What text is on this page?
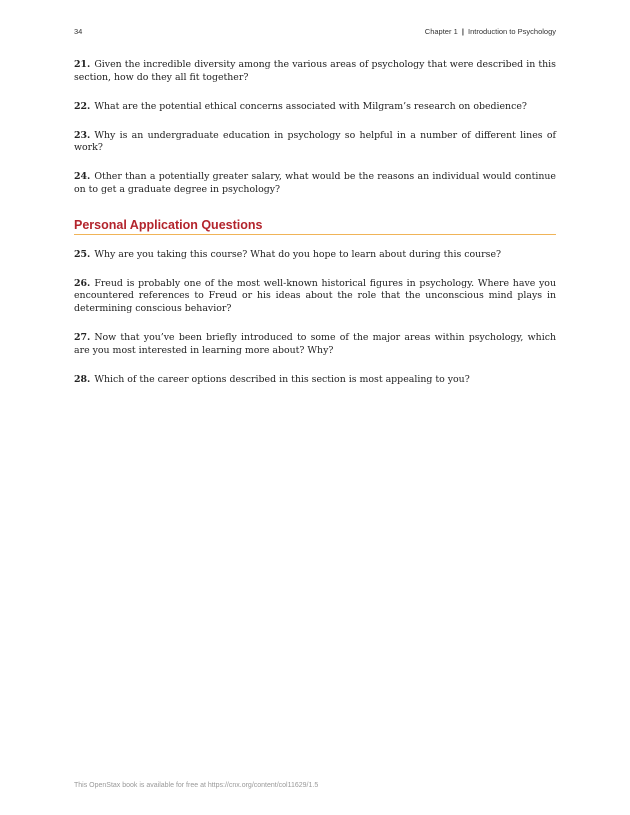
34	Chapter 1 | Introduction to Psychology

21. Given the incredible diversity among the various areas of psychology that were described in this section, how do they all fit together?

22. What are the potential ethical concerns associated with Milgram’s research on obedience?

23. Why is an undergraduate education in psychology so helpful in a number of different lines of work?

24. Other than a potentially greater salary, what would be the reasons an individual would continue on to get a graduate degree in psychology?

Personal Application Questions

25. Why are you taking this course? What do you hope to learn about during this course?

26. Freud is probably one of the most well-known historical figures in psychology. Where have you encountered references to Freud or his ideas about the role that the unconscious mind plays in determining conscious behavior?

27. Now that you’ve been briefly introduced to some of the major areas within psychology, which are you most interested in learning more about? Why?

28. Which of the career options described in this section is most appealing to you?

This OpenStax book is available for free at https://cnx.org/content/col11629/1.5
